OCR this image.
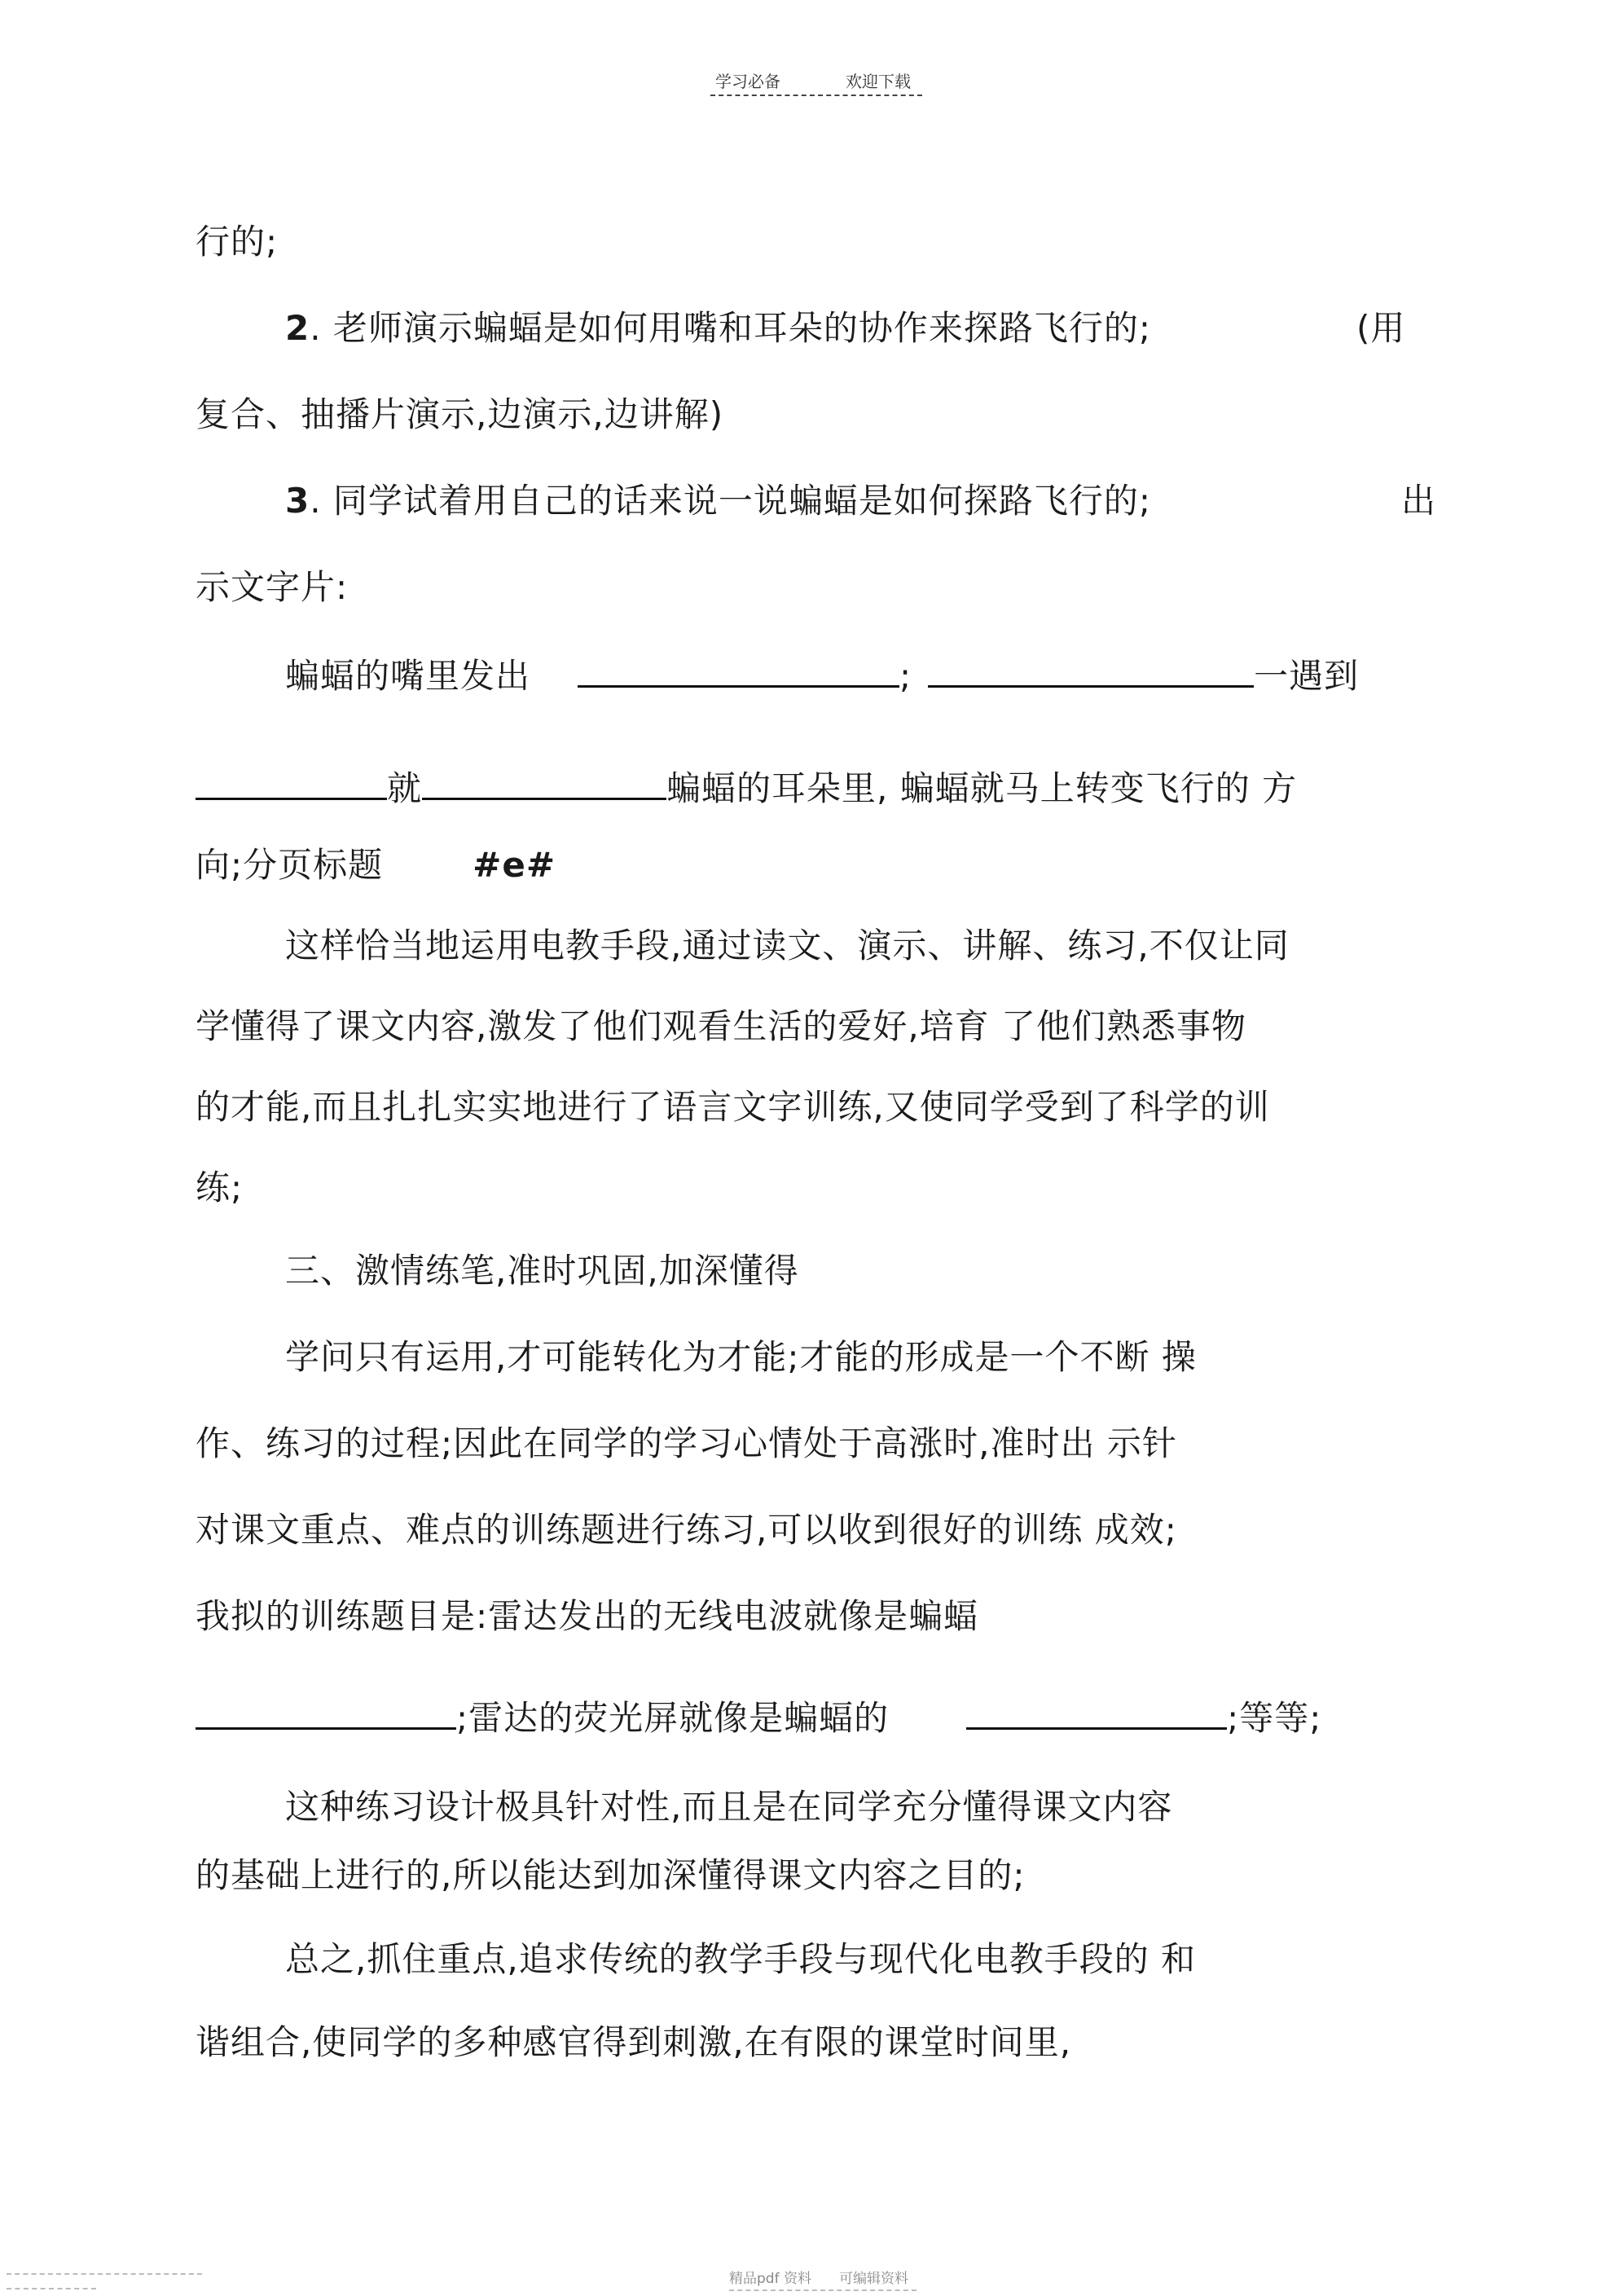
学习必备	欢迎下载
行的;
2. 老师演示蝙蝠是如何用嘴和耳朵的协作来探路飞行的;	(用
复合、抽播片演示,边演示,边讲解)
3. 同学试着用自己的话来说一说蝙蝠是如何探路飞行的;	出
示文字片:
蝙蝠的嘴里发出	;	一遇到
就	蝙蝠的耳朵里, 蝙蝠就马上转变飞行的 方
向;分页标题	#e#
这样恰当地运用电教手段,通过读文、演示、讲解、练习,不仅让同
学懂得了课文内容,激发了他们观看生活的爱好,培育 了他们熟悉事物
的才能,而且扎扎实实地进行了语言文字训练,又使同学受到了科学的训
练;
三、激情练笔,准时巩固,加深懂得
学问只有运用,才可能转化为才能;才能的形成是一个不断 操
作、练习的过程;因此在同学的学习心情处于高涨时,准时出 示针
对课文重点、难点的训练题进行练习,可以收到很好的训练 成效;
我拟的训练题目是:雷达发出的无线电波就像是蝙蝠
;雷达的荧光屏就像是蝙蝠的	;等等;
这种练习设计极具针对性,而且是在同学充分懂得课文内容
的基础上进行的,所以能达到加深懂得课文内容之目的;
总之,抓住重点,追求传统的教学手段与现代化电教手段的 和
谐组合,使同学的多种感官得到刺激,在有限的课堂时间里,
精品pdf 资料 可编辑资料
